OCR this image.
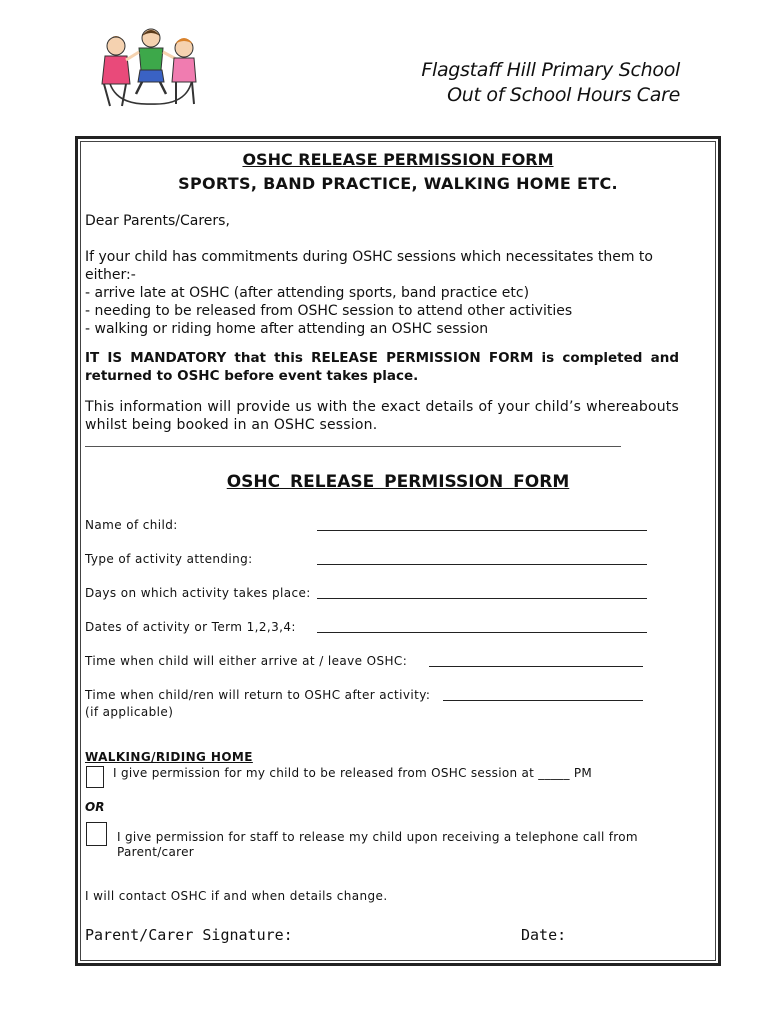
Flagstaff Hill Primary School
Out of School Hours Care
OSHC RELEASE PERMISSION FORM
SPORTS, BAND PRACTICE, WALKING HOME ETC.
Dear Parents/Carers,
If your child has commitments during OSHC sessions which necessitates them to
either:-
- arrive late at OSHC (after attending sports, band practice etc)
- needing to be released from OSHC session to attend other activities
- walking or riding home after attending an OSHC session
IT IS MANDATORY that this RELEASE PERMISSION FORM is completed and returned to OSHC before event takes place.
This information will provide us with the exact details of your child’s whereabouts whilst being booked in an OSHC session.
OSHC RELEASE PERMISSION FORM
Name of child:
Type of activity attending:
Days on which activity takes place:
Dates of activity or Term 1,2,3,4:
Time when child will either arrive at / leave OSHC:
Time when child/ren will return to OSHC after activity:
(if applicable)
WALKING/RIDING HOME
I give permission for my child to be released from OSHC session at _____ PM
OR
I give permission for staff to release my child upon receiving a telephone call from
Parent/carer
I will contact OSHC if and when details change.
Parent/Carer Signature:	Date:
